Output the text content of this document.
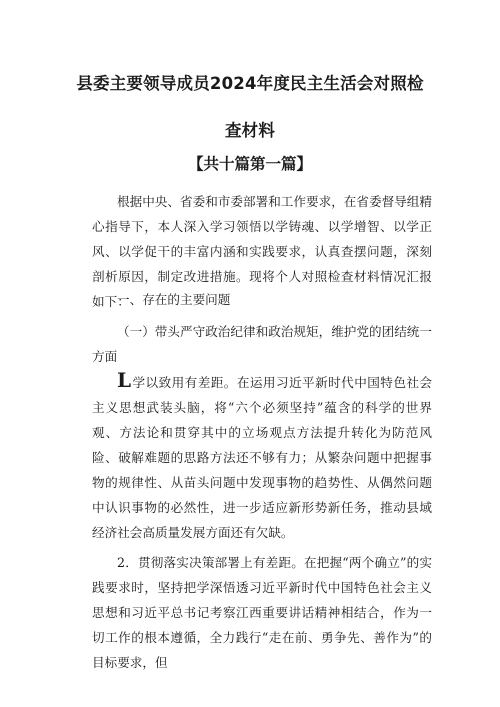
县委主要领导成员2024年度民主生活会对照检
查材料
【共十篇第一篇】
根据中央、省委和市委部署和工作要求，在省委督导组精心指导下，本人深入学习领悟以学铸魂、以学增智、以学正风、以学促干的丰富内涵和实践要求，认真查摆问题，深刻剖析原因，制定改进措施。现将个人对照检查材料情况汇报如下：
一、存在的主要问题
（一）带头严守政治纪律和政治规矩，维护党的团结统一方面
L学以致用有差距。在运用习近平新时代中国特色社会主义思想武装头脑，将“六个必须坚持”蕴含的科学的世界观、方法论和贯穿其中的立场观点方法提升转化为防范风险、破解难题的思路方法还不够有力；从繁杂问题中把握事物的规律性、从苗头问题中发现事物的趋势性、从偶然问题中认识事物的必然性，进一步适应新形势新任务，推动县域经济社会高质量发展方面还有欠缺。
2．贯彻落实决策部署上有差距。在把握“两个确立”的实践要求时，坚持把学深悟透习近平新时代中国特色社会主义思想和习近平总书记考察江西重要讲话精神相结合，作为一切工作的根本遵循，全力践行“走在前、勇争先、善作为”的目标要求，但
